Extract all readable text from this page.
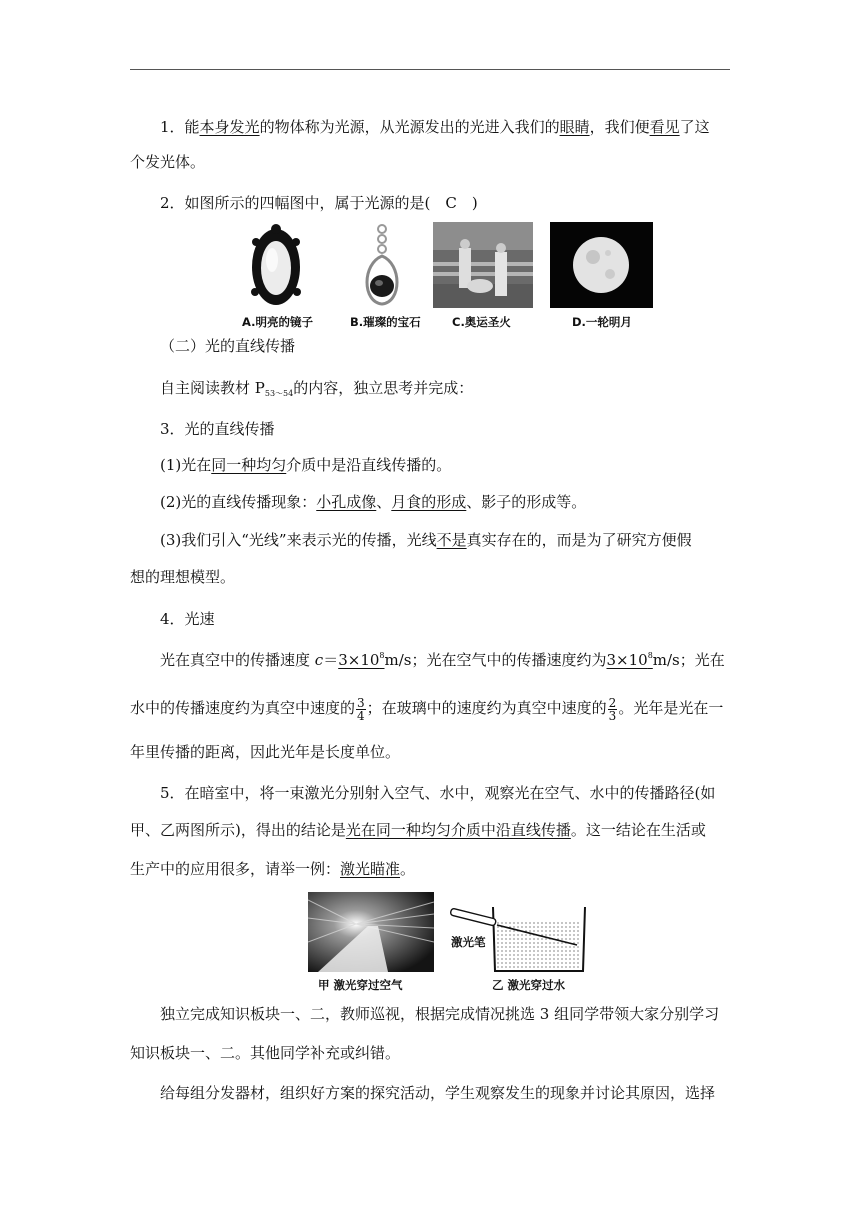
1．能本身发光的物体称为光源，从光源发出的光进入我们的眼睛，我们便看见了这
个发光体。
2．如图所示的四幅图中，属于光源的是(　C　)
A.明亮的镜子	B.璀璨的宝石	C.奥运圣火	D.一轮明月
（二）光的直线传播
自主阅读教材 $P_{53\sim 54}$的内容，独立思考并完成：
3．光的直线传播
(1)光在同一种均匀介质中是沿直线传播的。
(2)光的直线传播现象：小孔成像、月食的形成、影子的形成等。
(3)我们引入“光线”来表示光的传播，光线不是真实存在的，而是为了研究方便假
想的理想模型。
4．光速
光在真空中的传播速度 $c=3\times 10^8m/s$；光在空气中的传播速度约为$3\times 10^8m/s$；光在
水中的传播速度约为真空中速度的 $\frac{3}{4}$ ；在玻璃中的速度约为真空中速度的 $\frac{2}{3}$ 。光年是光在一
年里传播的距离，因此光年是长度单位。
5．在暗室中，将一束激光分别射入空气、水中，观察光在空气、水中的传播路径(如
甲、乙两图所示)，得出的结论是光在同一种均匀介质中沿直线传播。这一结论在生活或
生产中的应用很多，请举一例：激光瞄准。
甲 激光穿过空气
激光笔
乙 激光穿过水
独立完成知识板块一、二，教师巡视，根据完成情况挑选 3 组同学带领大家分别学习
知识板块一、二。其他同学补充或纠错。
给每组分发器材，组织好方案的探究活动，学生观察发生的现象并讨论其原因，选择
